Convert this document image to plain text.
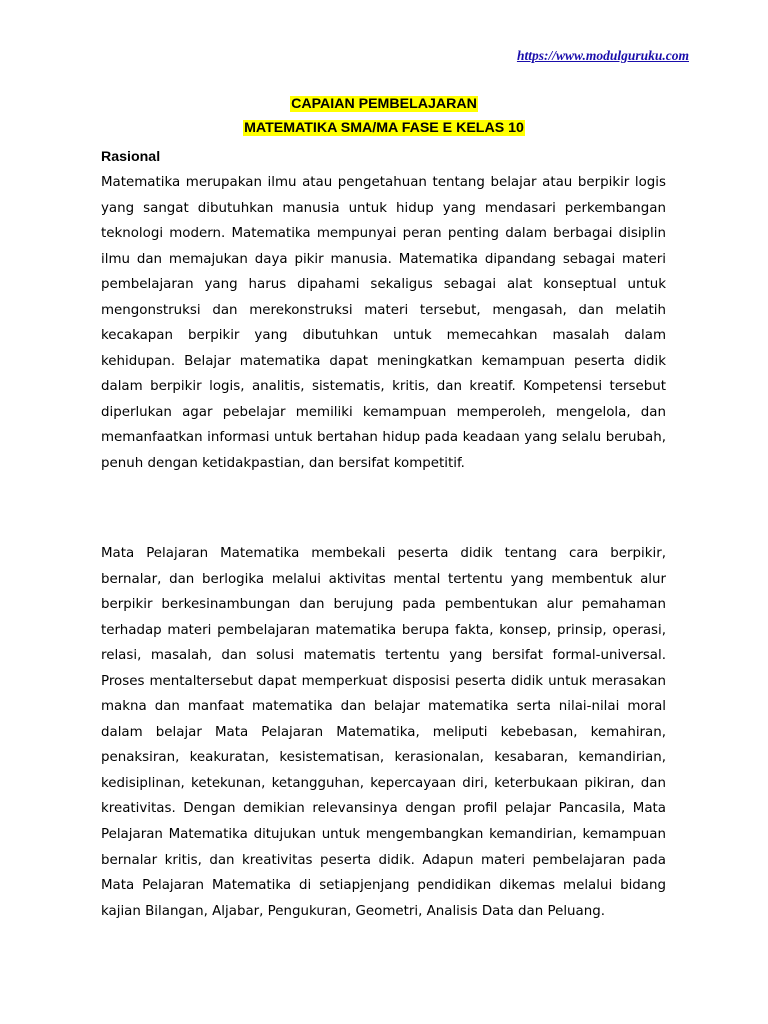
https://www.modulguruku.com
CAPAIAN PEMBELAJARAN
MATEMATIKA SMA/MA FASE E KELAS 10
Rasional

Matematika merupakan ilmu atau pengetahuan tentang belajar atau berpikir logis yang sangat dibutuhkan manusia untuk hidup yang mendasari perkembangan teknologi modern. Matematika mempunyai peran penting dalam berbagai disiplin ilmu dan memajukan daya pikir manusia. Matematika dipandang sebagai materi pembelajaran yang harus dipahami sekaligus sebagai alat konseptual untuk mengonstruksi dan merekonstruksi materi tersebut, mengasah, dan melatih kecakapan berpikir yang dibutuhkan untuk memecahkan masalah dalam kehidupan. Belajar matematika dapat meningkatkan kemampuan peserta didik dalam berpikir logis, analitis, sistematis, kritis, dan kreatif. Kompetensi tersebut diperlukan agar pebelajar memiliki kemampuan memperoleh, mengelola, dan memanfaatkan informasi untuk bertahan hidup pada keadaan yang selalu berubah, penuh dengan ketidakpastian, dan bersifat kompetitif.

Mata Pelajaran Matematika membekali peserta didik tentang cara berpikir, bernalar, dan berlogika melalui aktivitas mental tertentu yang membentuk alur berpikir berkesinambungan dan berujung pada pembentukan alur pemahaman terhadap materi pembelajaran matematika berupa fakta, konsep, prinsip, operasi, relasi, masalah, dan solusi matematis tertentu yang bersifat formal-universal. Proses mentaltersebut dapat memperkuat disposisi peserta didik untuk merasakan makna dan manfaat matematika dan belajar matematika serta nilai-nilai moral dalam belajar Mata Pelajaran Matematika, meliputi kebebasan, kemahiran, penaksiran, keakuratan, kesistematisan, kerasionalan, kesabaran, kemandirian, kedisiplinan, ketekunan, ketangguhan, kepercayaan diri, keterbukaan pikiran, dan kreativitas. Dengan demikian relevansinya dengan profil pelajar Pancasila, Mata Pelajaran Matematika ditujukan untuk mengembangkan kemandirian, kemampuan bernalar kritis, dan kreativitas peserta didik. Adapun materi pembelajaran pada Mata Pelajaran Matematika di setiapjenjang pendidikan dikemas melalui bidang kajian Bilangan, Aljabar, Pengukuran, Geometri, Analisis Data dan Peluang.
